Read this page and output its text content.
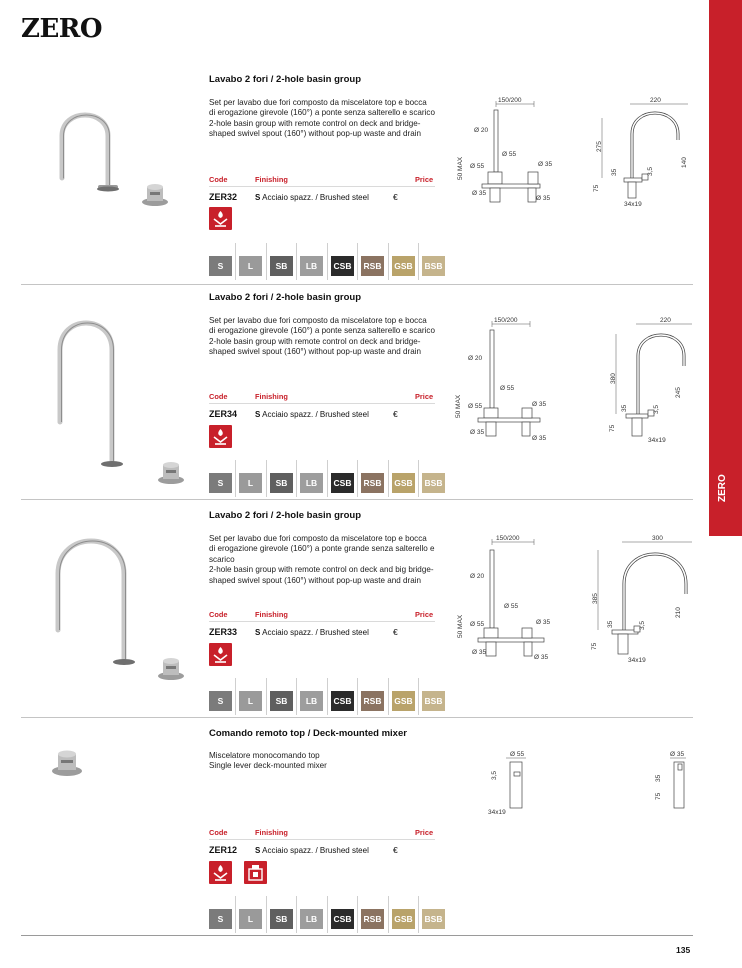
ZERO
ZERO
135
Lavabo 2 fori / 2-hole basin group

Set per lavabo due fori composto da miscelatore top e bocca di erogazione girevole (160°) a ponte senza salterello e scarico

2-hole basin group with remote control on deck and bridge-shaped swivel spout (160°) without pop-up waste and drain

Code	Finishing	Price
ZER32 S Acciaio spazz. / Brushed steel	€
S	L	SB	LB	CSB RSB GSB BSB
150/200
Ø 20
Ø 55
Ø 55	Ø 35
Ø 35
Ø 35
50 MAX
220
275
35	3,5
140
75
34x19
Lavabo 2 fori / 2-hole basin group

Set per lavabo due fori composto da miscelatore top e bocca di erogazione girevole (160°) a ponte senza salterello e scarico

2-hole basin group with remote control on deck and bridge-shaped swivel spout (160°) without pop-up waste and drain

Code	Finishing	Price
ZER34 S Acciaio spazz. / Brushed steel	€
S	L	SB	LB	CSB RSB GSB BSB
150/200
Ø 20
Ø 55
Ø 55	Ø 35
Ø 35
Ø 35
50 MAX
220
380
35	3,5
245
75
34x19
Lavabo 2 fori / 2-hole basin group

Set per lavabo due fori composto da miscelatore top e bocca di erogazione girevole (160°) a ponte grande senza salterello e scarico

2-hole basin group with remote control on deck and big bridge-shaped swivel spout (160°) without pop-up waste and drain

Code	Finishing	Price
ZER33 S Acciaio spazz. / Brushed steel	€
S	L	SB	LB	CSB RSB GSB BSB
150/200
Ø 20
Ø 55
Ø 55	Ø 35
Ø 35
Ø 35
50 MAX
300
385
35	3,5
210
75
34x19
Comando remoto top / Deck-mounted mixer

Miscelatore monocomando top

Single lever deck-mounted mixer

Code	Finishing	Price
ZER12 S Acciaio spazz. / Brushed steel	€
S	L	SB	LB	CSB RSB GSB BSB
Ø 55
3,5
34x19
Ø 35
35
75
